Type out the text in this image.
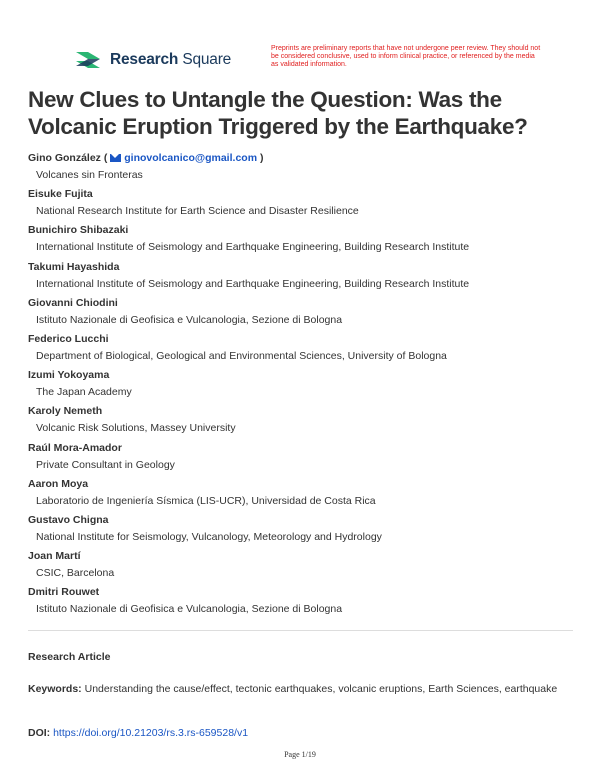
Research Square
Preprints are preliminary reports that have not undergone peer review. They should not be considered conclusive, used to inform clinical practice, or referenced by the media as validated information.
New Clues to Untangle the Question: Was the Volcanic Eruption Triggered by the Earthquake?
Gino González ( ginovolcanico@gmail.com )
Volcanes sin Fronteras
Eisuke Fujita
National Research Institute for Earth Science and Disaster Resilience
Bunichiro Shibazaki
International Institute of Seismology and Earthquake Engineering, Building Research Institute
Takumi Hayashida
International Institute of Seismology and Earthquake Engineering, Building Research Institute
Giovanni Chiodini
Istituto Nazionale di Geofisica e Vulcanologia, Sezione di Bologna
Federico Lucchi
Department of Biological, Geological and Environmental Sciences, University of Bologna
Izumi Yokoyama
The Japan Academy
Karoly Nemeth
Volcanic Risk Solutions, Massey University
Raúl Mora-Amador
Private Consultant in Geology
Aaron Moya
Laboratorio de Ingeniería Sísmica (LIS-UCR), Universidad de Costa Rica
Gustavo Chigna
National Institute for Seismology, Vulcanology, Meteorology and Hydrology
Joan Martí
CSIC, Barcelona
Dmitri Rouwet
Istituto Nazionale di Geofisica e Vulcanologia, Sezione di Bologna
Research Article
Keywords: Understanding the cause/effect, tectonic earthquakes, volcanic eruptions, Earth Sciences, earthquake
DOI: https://doi.org/10.21203/rs.3.rs-659528/v1
Page 1/19
